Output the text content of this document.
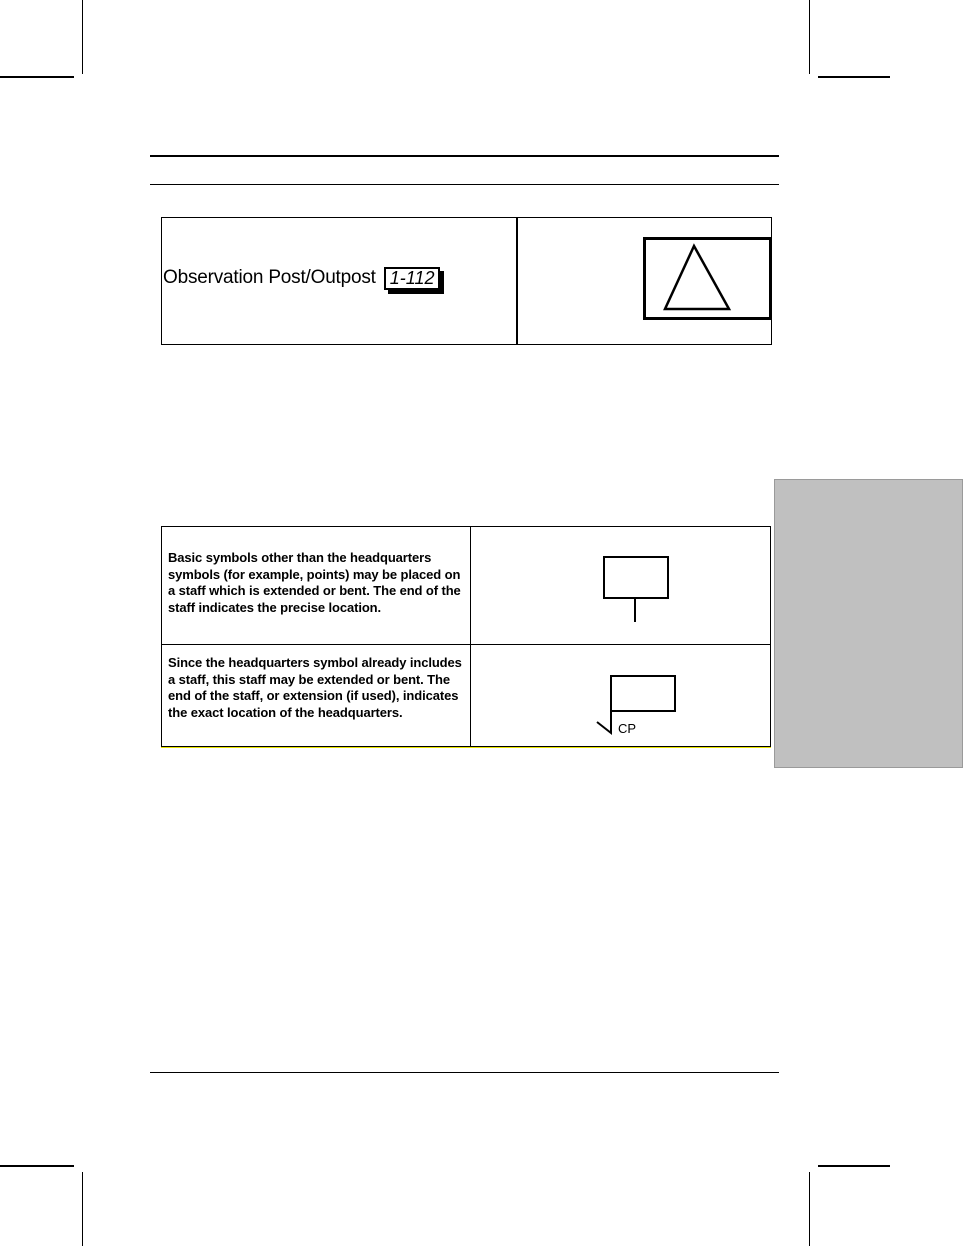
Observation Post/Outpost 1-112
Basic symbols other than the headquarters symbols (for example, points) may be placed on a staff which is extended or bent. The end of the staff indicates the precise location.
Since the headquarters symbol already includes a staff, this staff may be extended or bent. The end of the staff, or extension (if used), indicates the exact location of the headquarters.
CP
